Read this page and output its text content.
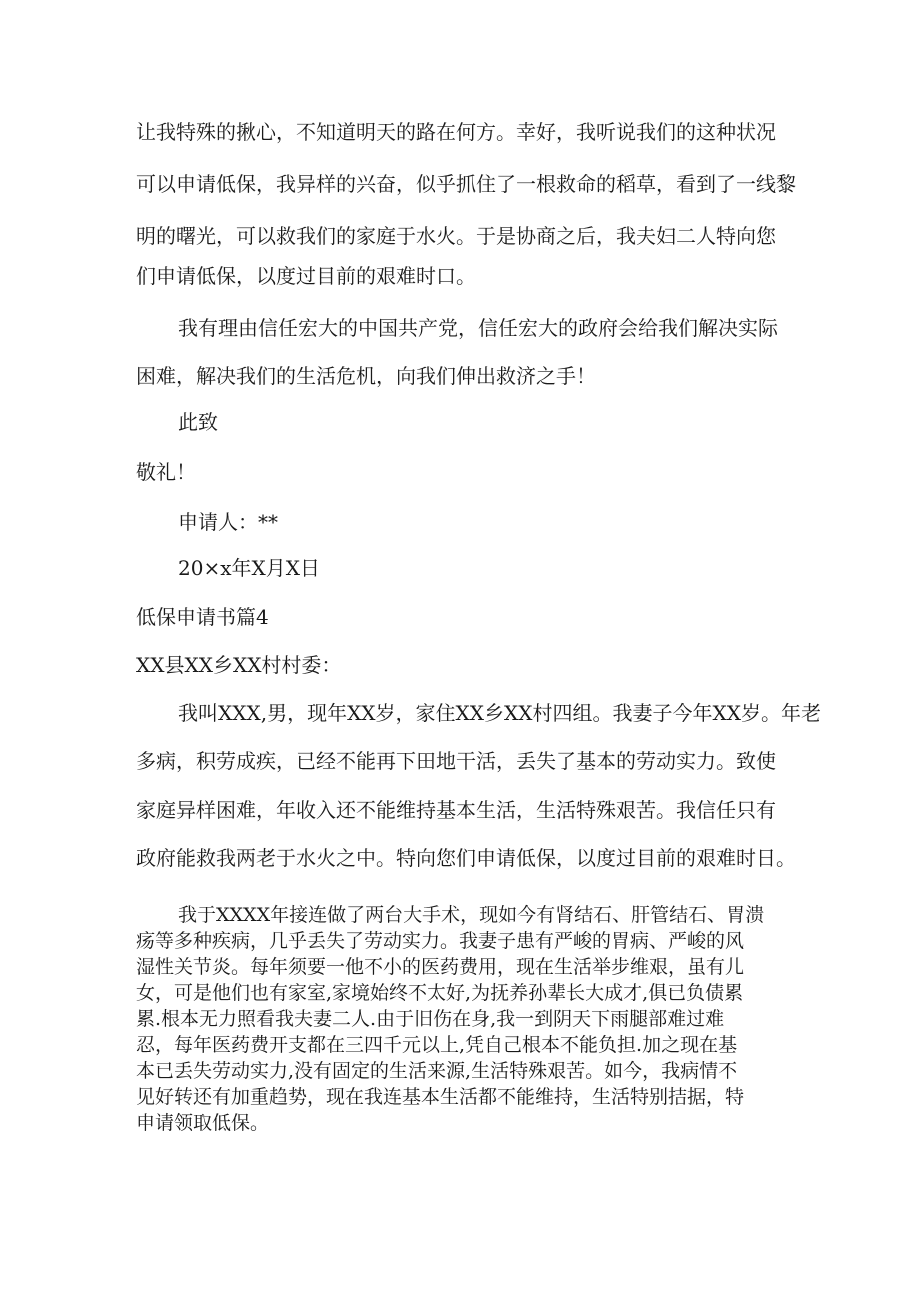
让我特殊的揪心，不知道明天的路在何方。幸好，我听说我们的这种状况
可以申请低保，我异样的兴奋，似乎抓住了一根救命的稻草，看到了一线黎
明的曙光，可以救我们的家庭于水火。于是协商之后，我夫妇二人特向您
们申请低保，以度过目前的艰难时口。
我有理由信任宏大的中国共产党，信任宏大的政府会给我们解决实际
困难，解决我们的生活危机，向我们伸出救济之手！
此致
敬礼！
申请人：**
20×x年X月X日
低保申请书篇4
XX县XX乡XX村村委：
我叫XXX,男，现年XX岁，家住XX乡XX村四组。我妻子今年XX岁。年老
多病，积劳成疾，已经不能再下田地干活，丢失了基本的劳动实力。致使
家庭异样困难，年收入还不能维持基本生活，生活特殊艰苦。我信任只有
政府能救我两老于水火之中。特向您们申请低保，以度过目前的艰难时日。
我于XXXX年接连做了两台大手术，现如今有肾结石、肝管结石、胃溃
疡等多种疾病，几乎丢失了劳动实力。我妻子患有严峻的胃病、严峻的风
湿性关节炎。每年须要一他不小的医药费用，现在生活举步维艰，虽有儿
女，可是他们也有家室,家境始终不太好,为抚养孙辈长大成才,俱已负债累
累.根本无力照看我夫妻二人.由于旧伤在身,我一到阴天下雨腿部难过难
忍，每年医药费开支都在三四千元以上,凭自己根本不能负担.加之现在基
本已丢失劳动实力,没有固定的生活来源,生活特殊艰苦。如今，我病情不
见好转还有加重趋势，现在我连基本生活都不能维持，生活特别拮据，特
申请领取低保。
